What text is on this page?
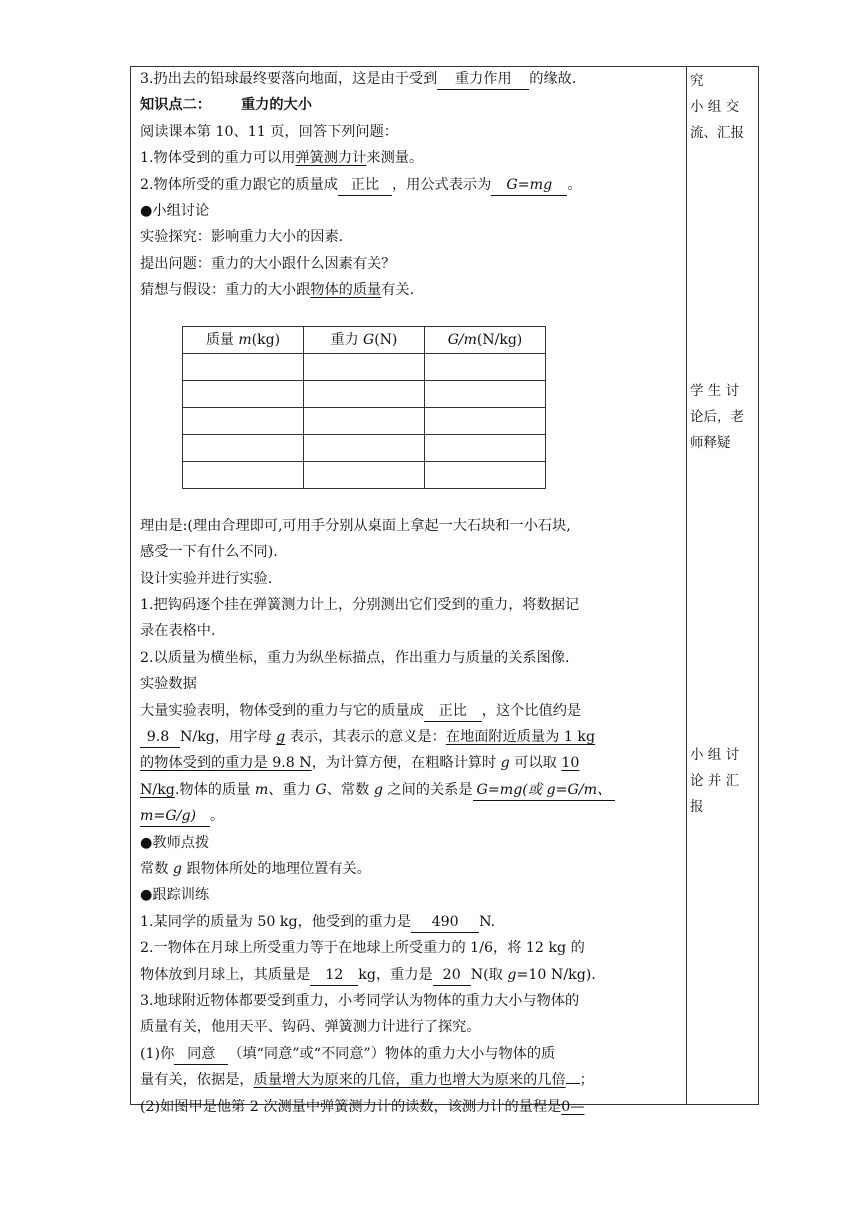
3.扔出去的铅球最终要落向地面，这是由于受到 重力作用 的缘故.
知识点二： 重力的大小
阅读课本第 10、11 页，回答下列问题：
1.物体受到的重力可以用弹簧测力计来测量。
2.物体所受的重力跟它的质量成 正比 ，用公式表示为 G=mg 。
●小组讨论
实验探究：影响重力大小的因素.
提出问题：重力的大小跟什么因素有关？
猜想与假设：重力的大小跟物体的质量有关.
质量 m(kg)	重力 G(N)	G/m(N/kg)

理由是:(理由合理即可,可用手分别从桌面上拿起一大石块和一小石块,
感受一下有什么不同).
设计实验并进行实验.
1.把钩码逐个挂在弹簧测力计上，分别测出它们受到的重力，将数据记
录在表格中.
2.以质量为横坐标，重力为纵坐标描点，作出重力与质量的关系图像.
实验数据
大量实验表明，物体受到的重力与它的质量成 正比 ，这个比值约是
9.8 N/kg，用字母 g 表示，其表示的意义是：在地面附近质量为 1 kg
的物体受到的重力是 9.8 N，为计算方便，在粗略计算时 g 可以取 10
N/kg.物体的质量 m、重力 G、常数 g 之间的关系是 G=mg(或 g=G/m、
m=G/g) 。
●教师点拨
常数 g 跟物体所处的地理位置有关。
●跟踪训练
1.某同学的质量为 50 kg，他受到的重力是 490 N.
2.一物体在月球上所受重力等于在地球上所受重力的 1/6，将 12 kg 的
物体放到月球上，其质量是 12 kg，重力是 20 N(取 g=10 N/kg).
3.地球附近物体都要受到重力，小考同学认为物体的重力大小与物体的
质量有关，他用天平、钩码、弹簧测力计进行了探究。
(1)你 同意 （填“同意”或“不同意”）物体的重力大小与物体的质
量有关，依据是，质量增大为原来的几倍，重力也增大为原来的几倍 ；
(2)如图甲是他第 2 次测量中弹簧测力计的读数，该测力计的量程是0—
究
小 组 交
流、汇报
学 生 讨
论后，老
师释疑
小 组 讨
论 并 汇
报
